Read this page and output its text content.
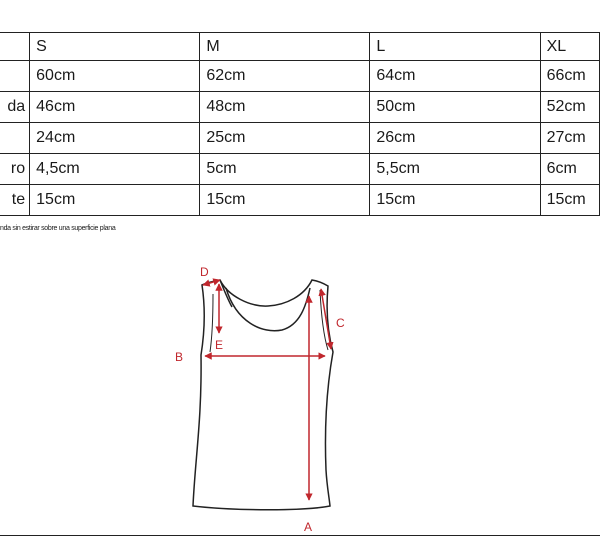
	S	M	L	XL
	60cm	62cm	64cm	66cm
da	46cm	48cm	50cm	52cm
	24cm	25cm	26cm	27cm
ro	4,5cm	5cm	5,5cm	6cm
te	15cm	15cm	15cm	15cm
nda sin estirar sobre una superficie plana
A
B
C
D
E
